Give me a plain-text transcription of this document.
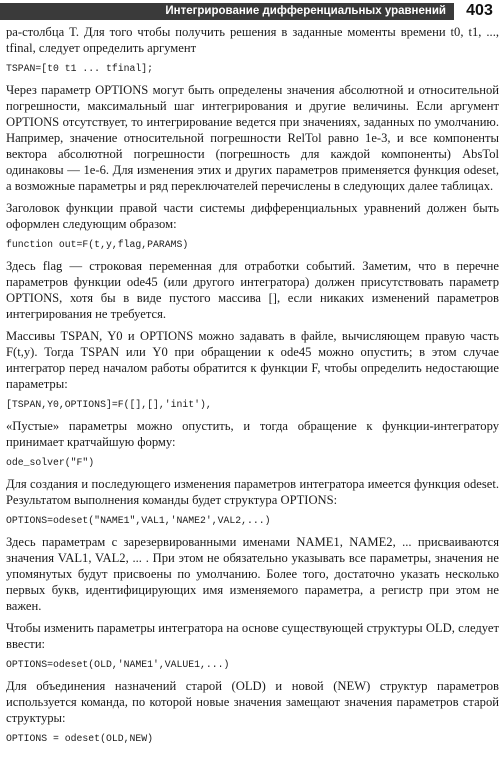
Интегрирование дифференциальных уравнений	403

ра-столбца T. Для того чтобы получить решения в заданные моменты времени t0, t1, ..., tfinal, следует определить аргумент

TSPAN=[t0 t1 ... tfinal];

Через параметр OPTIONS могут быть определены значения абсолютной и относительной погрешности, максимальный шаг интегрирования и другие величины. Если аргумент OPTIONS отсутствует, то интегрирование ведется при значениях, заданных по умолчанию. Например, значение относительной погрешности RelTol равно 1e-3, и все компоненты вектора абсолютной погрешности (погрешность для каждой компоненты) AbsTol одинаковы — 1e-6. Для изменения этих и других параметров применяется функция odeset, а возможные параметры и ряд переключателей перечислены в следующих далее таблицах.

Заголовок функции правой части системы дифференциальных уравнений должен быть оформлен следующим образом:

function out=F(t,y,flag,PARAMS)

Здесь flag — строковая переменная для отработки событий. Заметим, что в перечне параметров функции ode45 (или другого интегратора) должен присутствовать параметр OPTIONS, хотя бы в виде пустого массива [], если никаких изменений параметров интегрирования не требуется.

Массивы TSPAN, Y0 и OPTIONS можно задавать в файле, вычисляющем правую часть F(t,y). Тогда TSPAN или Y0 при обращении к ode45 можно опустить; в этом случае интегратор перед началом работы обратится к функции F, чтобы определить недостающие параметры:

[TSPAN,Y0,OPTIONS]=F([],[],'init'),

«Пустые» параметры можно опустить, и тогда обращение к функции-интегратору принимает кратчайшую форму:

ode_solver("F")

Для создания и последующего изменения параметров интегратора имеется функция odeset. Результатом выполнения команды будет структура OPTIONS:

OPTIONS=odeset("NAME1",VAL1,'NAME2',VAL2,...)

Здесь параметрам с зарезервированными именами NAME1, NAME2, ... присваиваются значения VAL1, VAL2, ... . При этом не обязательно указывать все параметры, значения не упомянутых будут присвоены по умолчанию. Более того, достаточно указать несколько первых букв, идентифицирующих имя изменяемого параметра, а регистр при этом не важен.

Чтобы изменить параметры интегратора на основе существующей структуры OLD, следует ввести:

OPTIONS=odeset(OLD,'NAME1',VALUE1,...)

Для объединения назначений старой (OLD) и новой (NEW) структур параметров используется команда, по которой новые значения замещают значения параметров старой структуры:

OPTIONS = odeset(OLD,NEW)
